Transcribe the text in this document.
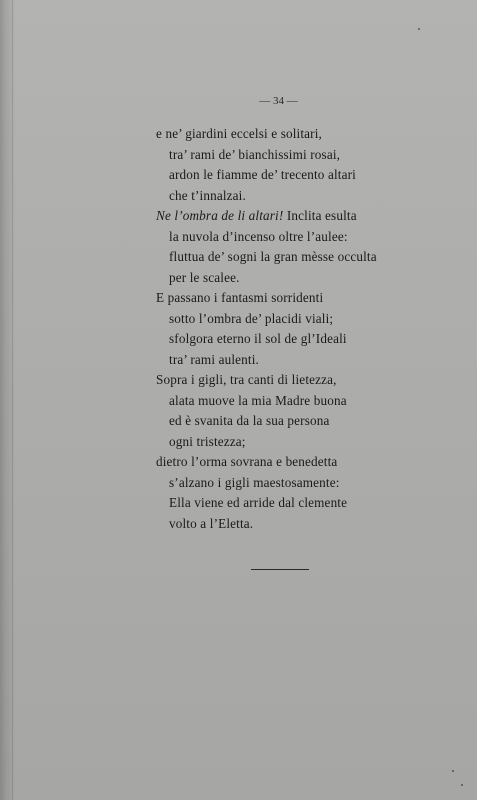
— 34 —
e ne’ giardini eccelsi e solitari,
tra’ rami de’ bianchissimi rosai,
ardon le fiamme de’ trecento altari
che t’innalzai.
Ne l’ombra de li altari! Inclita esulta
la nuvola d’incenso oltre l’aulee:
fluttua de’ sogni la gran mèsse occulta
per le scalee.
E passano i fantasmi sorridenti
sotto l’ombra de’ placidi viali;
sfolgora eterno il sol de gl’Ideali
tra’ rami aulenti.
Sopra i gigli, tra canti di lietezza,
alata muove la mia Madre buona
ed è svanita da la sua persona
ogni tristezza;
dietro l’orma sovrana e benedetta
s’alzano i gigli maestosamente:
Ella viene ed arride dal clemente
volto a l’Eletta.
